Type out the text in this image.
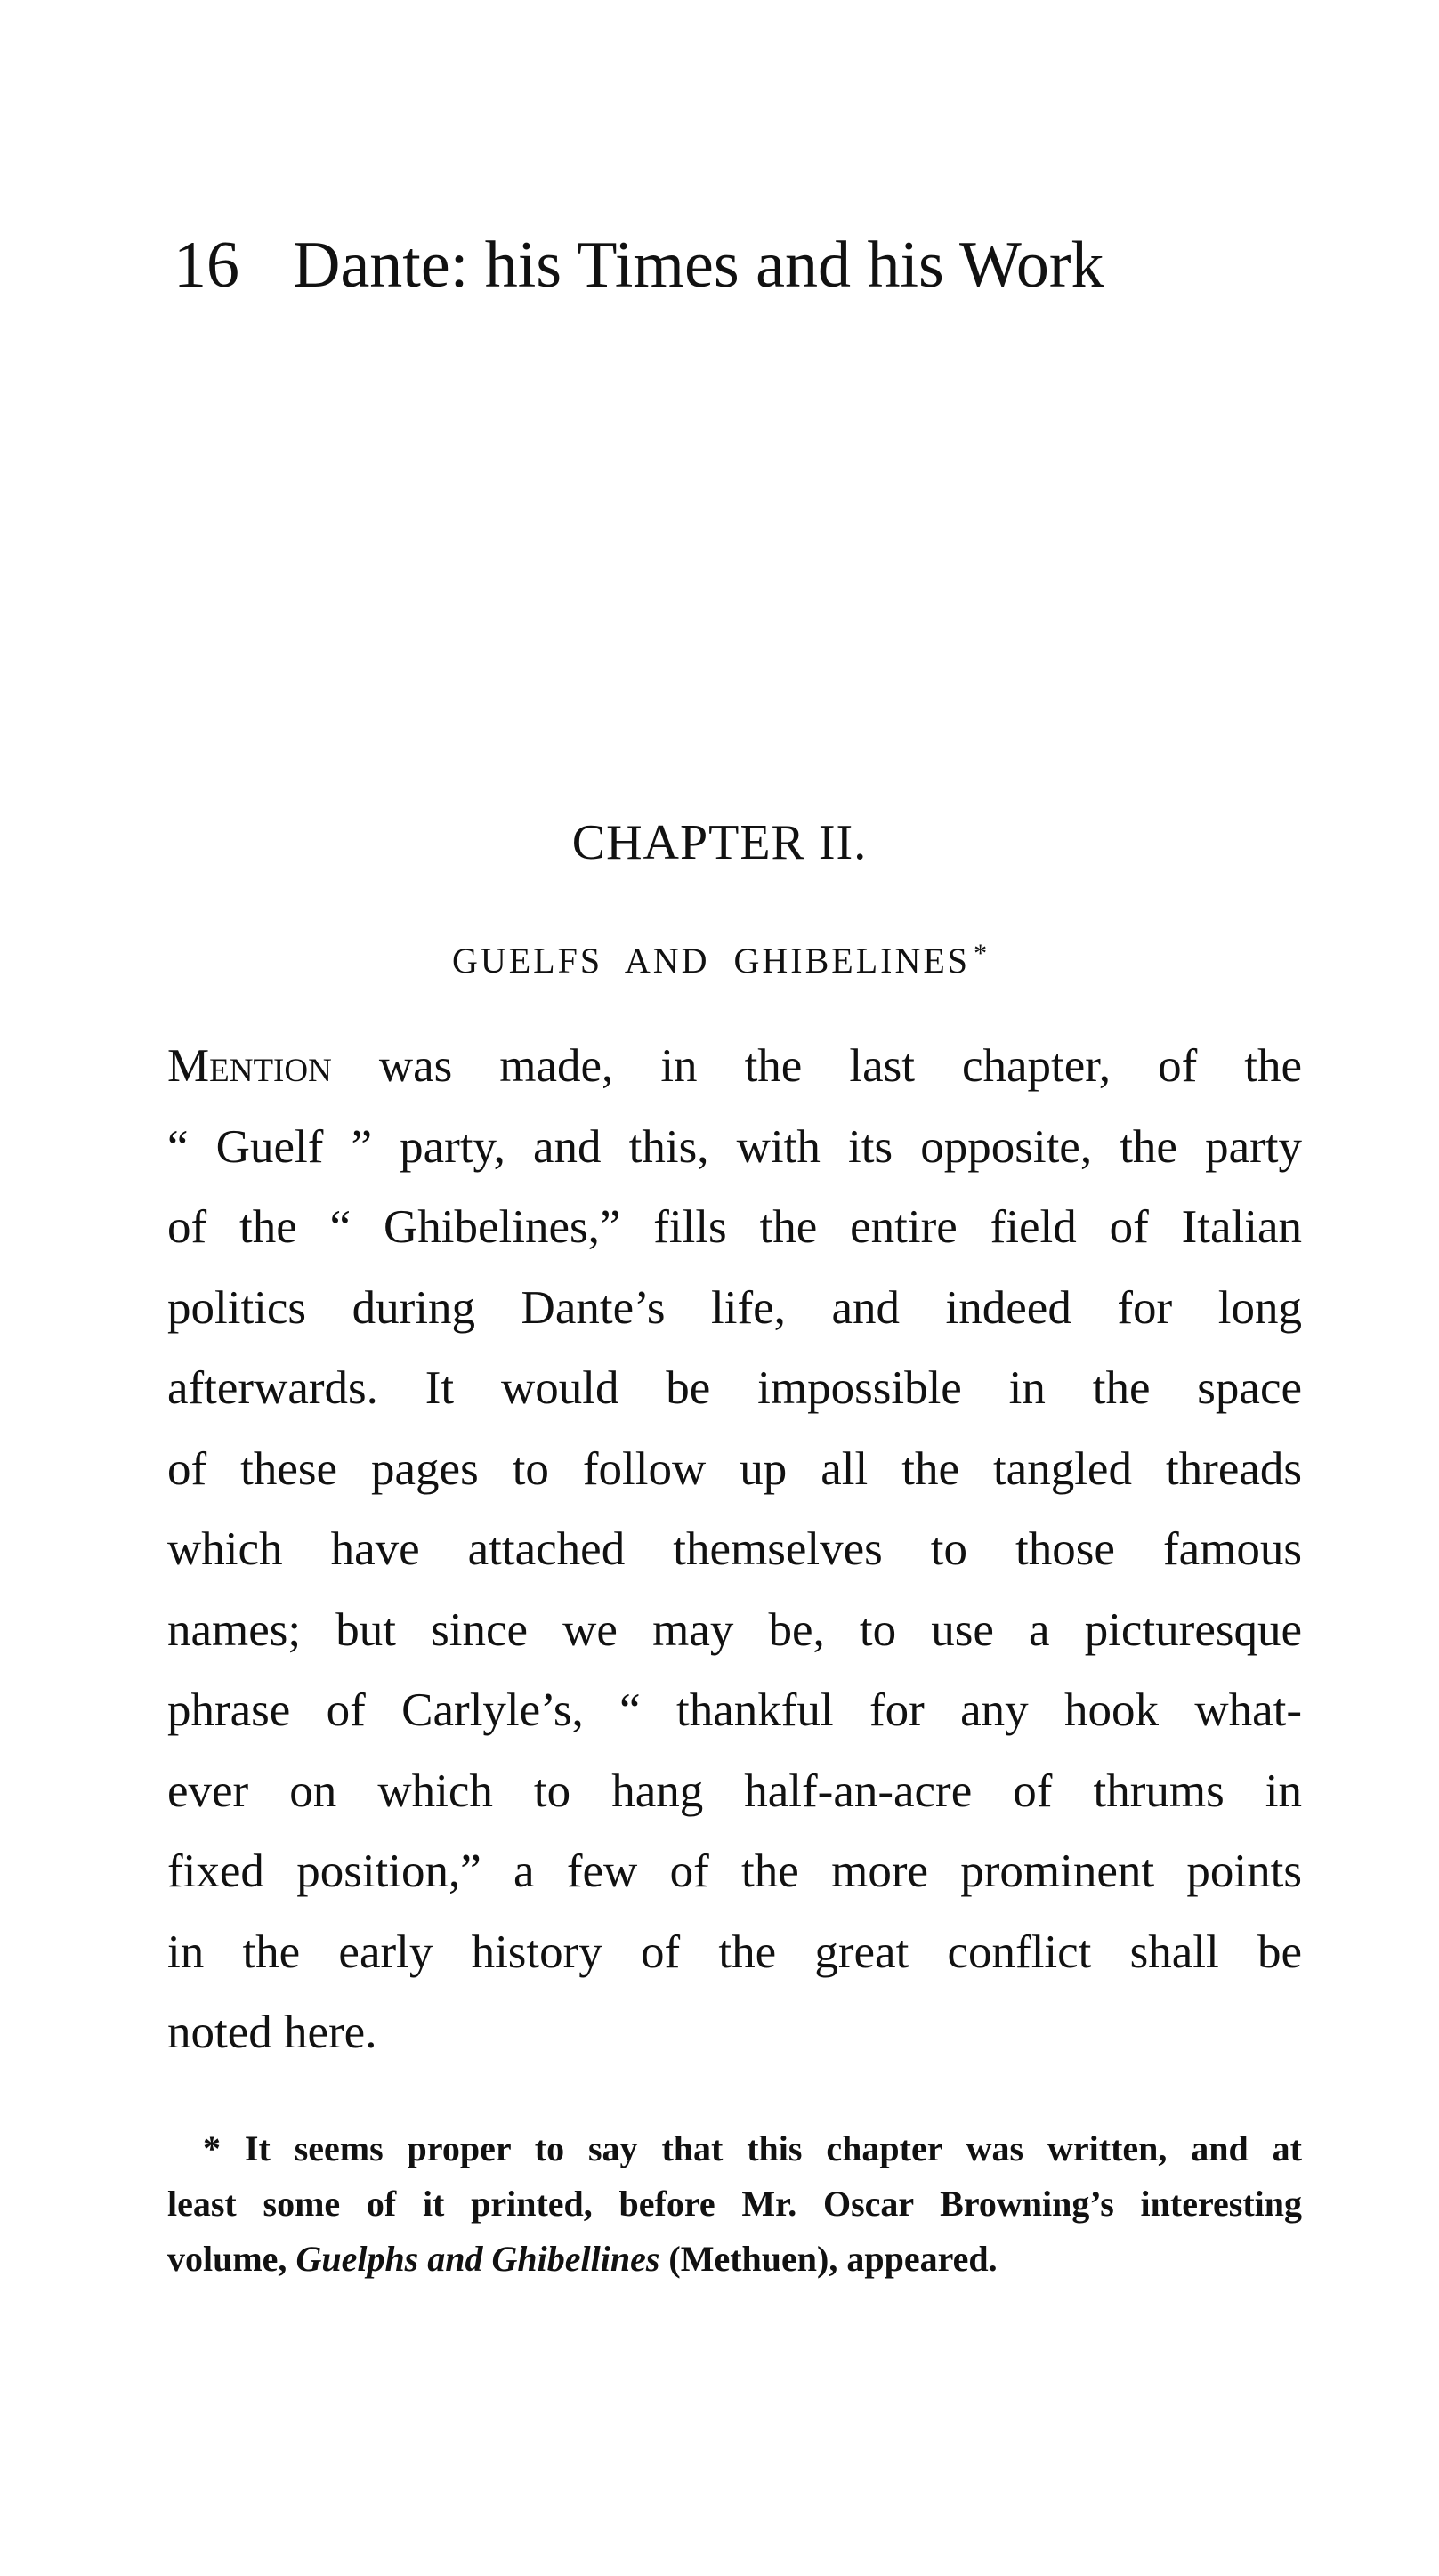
16 Dante: his Times and his Work
CHAPTER II.
GUELFS AND GHIBELINES *
Mention was made, in the last chapter, of the
“ Guelf ” party, and this, with its opposite, the party
of the “ Ghibelines,” fills the entire field of Italian
politics during Dante’s life, and indeed for long
afterwards. It would be impossible in the space
of these pages to follow up all the tangled threads
which have attached themselves to those famous
names; but since we may be, to use a picturesque
phrase of Carlyle’s, “ thankful for any hook what-
ever on which to hang half-an-acre of thrums in
fixed position,” a few of the more prominent points
in the early history of the great conflict shall be
noted here.
* It seems proper to say that this chapter was written, and at
least some of it printed, before Mr. Oscar Browning’s interesting
volume, Guelphs and Ghibellines (Methuen), appeared.
